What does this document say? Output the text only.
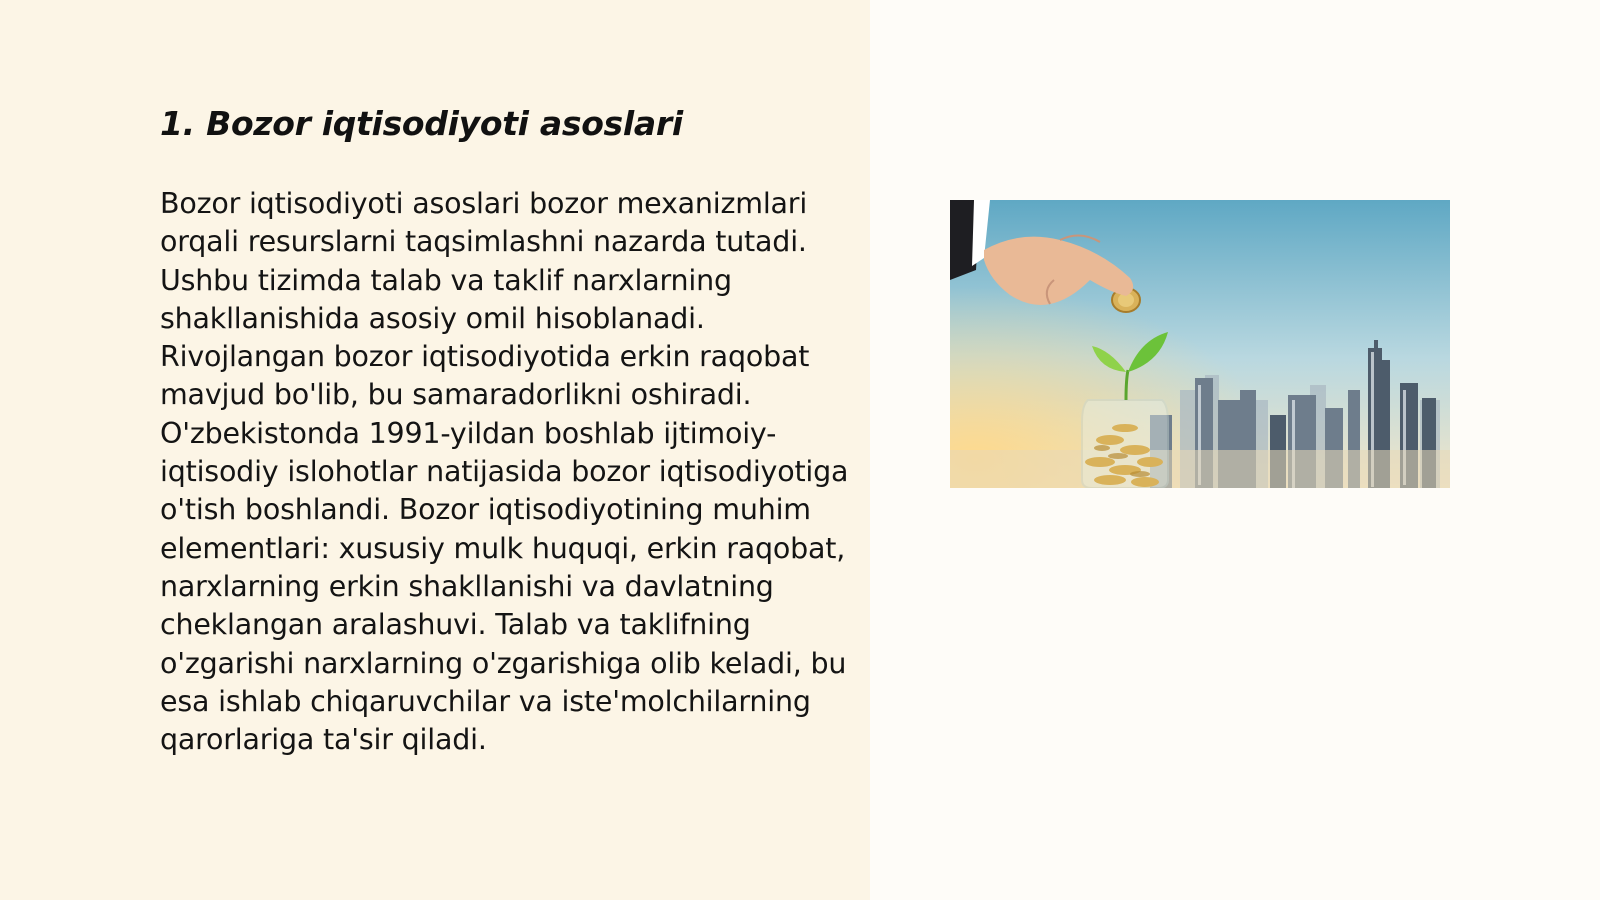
1. Bozor iqtisodiyoti asoslari

Bozor iqtisodiyoti asoslari bozor mexanizmlari orqali resurslarni taqsimlashni nazarda tutadi. Ushbu tizimda talab va taklif narxlarning shakllanishida asosiy omil hisoblanadi. Rivojlangan bozor iqtisodiyotida erkin raqobat mavjud bo'lib, bu samaradorlikni oshiradi. O'zbekistonda 1991-yildan boshlab ijtimoiy-iqtisodiy islohotlar natijasida bozor iqtisodiyotiga o'tish boshlandi. Bozor iqtisodiyotining muhim elementlari: xususiy mulk huquqi, erkin raqobat, narxlarning erkin shakllanishi va davlatning cheklangan aralashuvi. Talab va taklifning o'zgarishi narxlarning o'zgarishiga olib keladi, bu esa ishlab chiqaruvchilar va iste'molchilarning qarorlariga ta'sir qiladi.
